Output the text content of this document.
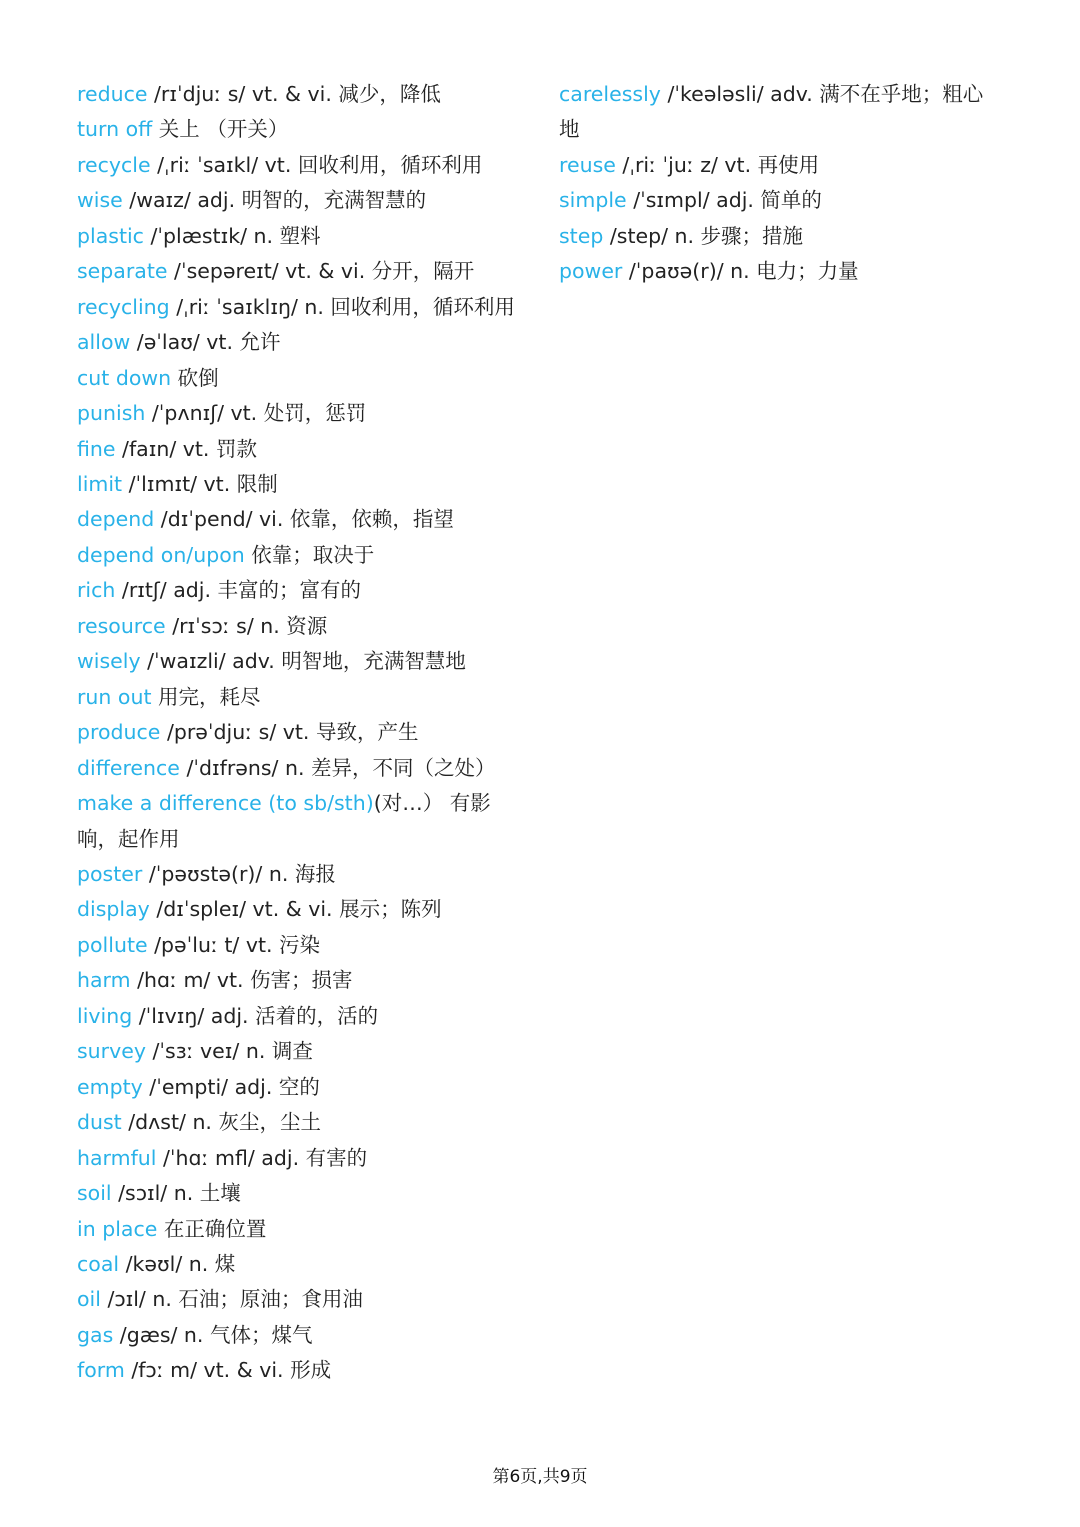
reduce /rɪˈdjuː s/ vt. & vi. 减少，降低
turn off 关上 （开关）
recycle /ˌriː ˈsaɪkl/ vt. 回收利用，循环利用
wise /waɪz/ adj. 明智的，充满智慧的
plastic /ˈplæstɪk/ n. 塑料
separate /ˈsepəreɪt/ vt. & vi. 分开，隔开
recycling /ˌriː ˈsaɪklɪŋ/ n. 回收利用，循环利用
allow /əˈlaʊ/ vt. 允许
cut down 砍倒
punish /ˈpʌnɪʃ/ vt. 处罚，惩罚
fine /faɪn/ vt. 罚款
limit /ˈlɪmɪt/ vt. 限制
depend /dɪˈpend/ vi. 依靠，依赖，指望
depend on/upon 依靠；取决于
rich /rɪtʃ/ adj. 丰富的；富有的
resource /rɪˈsɔː s/ n. 资源
wisely /ˈwaɪzli/ adv. 明智地，充满智慧地
run out 用完，耗尽
produce /prəˈdjuː s/ vt. 导致，产生
difference /ˈdɪfrəns/ n. 差异，不同（之处）
make a difference (to sb/sth)(对…） 有影响，起作用
poster /ˈpəʊstə(r)/ n. 海报
display /dɪˈspleɪ/ vt. & vi. 展示；陈列
pollute /pəˈluː t/ vt. 污染
harm /hɑː m/ vt. 伤害；损害
living /ˈlɪvɪŋ/ adj. 活着的，活的
survey /ˈsɜː veɪ/ n. 调查
empty /ˈempti/ adj. 空的
dust /dʌst/ n. 灰尘，尘土
harmful /ˈhɑː mfl/ adj. 有害的
soil /sɔɪl/ n. 土壤
in place 在正确位置
coal /kəʊl/ n. 煤
oil /ɔɪl/ n. 石油；原油；食用油
gas /gæs/ n. 气体；煤气
form /fɔː m/ vt. & vi. 形成
carelessly /ˈkeələsli/ adv. 满不在乎地；粗心地
reuse /ˌriː ˈjuː z/ vt. 再使用
simple /ˈsɪmpl/ adj. 简单的
step /step/ n. 步骤；措施
power /ˈpaʊə(r)/ n. 电力；力量
第6页,共9页
